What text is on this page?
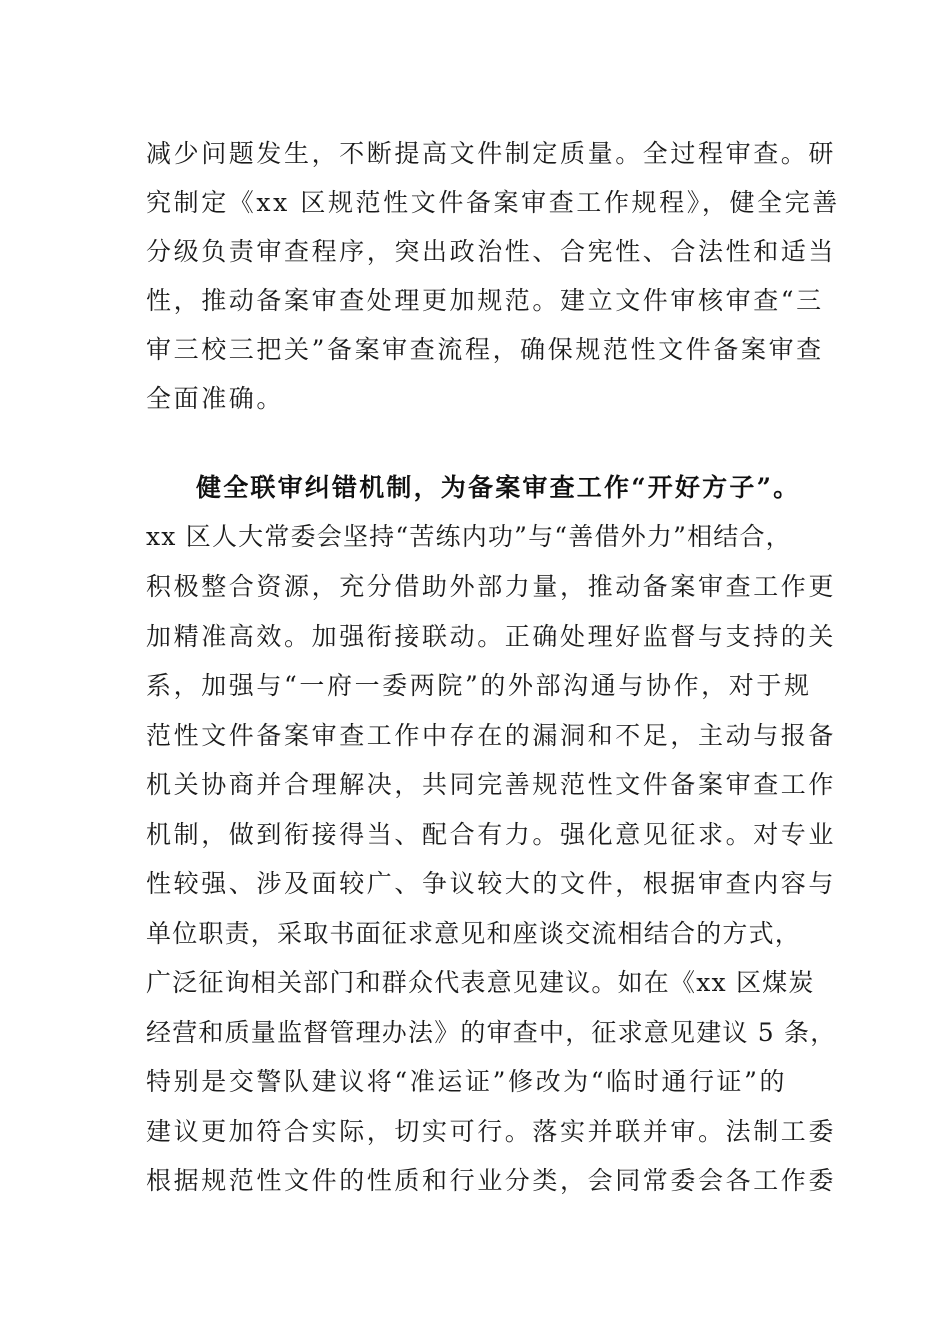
减少问题发生，不断提高文件制定质量。全过程审查。研
究制定《xx 区规范性文件备案审查工作规程》，健全完善
分级负责审查程序，突出政治性、合宪性、合法性和适当
性，推动备案审查处理更加规范。建立文件审核审查“三
审三校三把关”备案审查流程，确保规范性文件备案审查
全面准确。
健全联审纠错机制，为备案审查工作“开好方子”。
xx 区人大常委会坚持“苦练内功”与“善借外力”相结合，
积极整合资源，充分借助外部力量，推动备案审查工作更
加精准高效。加强衔接联动。正确处理好监督与支持的关
系，加强与“一府一委两院”的外部沟通与协作，对于规
范性文件备案审查工作中存在的漏洞和不足，主动与报备
机关协商并合理解决，共同完善规范性文件备案审查工作
机制，做到衔接得当、配合有力。强化意见征求。对专业
性较强、涉及面较广、争议较大的文件，根据审查内容与
单位职责，采取书面征求意见和座谈交流相结合的方式，
广泛征询相关部门和群众代表意见建议。如在《xx 区煤炭
经营和质量监督管理办法》的审查中，征求意见建议 5 条，
特别是交警队建议将“准运证”修改为“临时通行证”的
建议更加符合实际，切实可行。落实并联并审。法制工委
根据规范性文件的性质和行业分类，会同常委会各工作委
